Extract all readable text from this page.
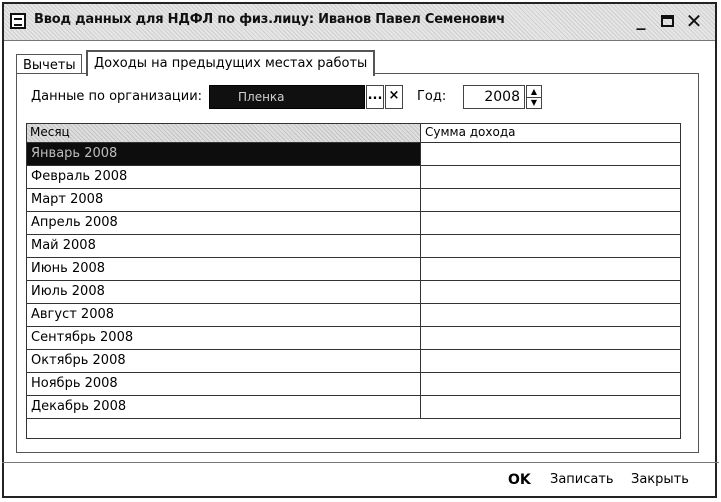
Ввод данных для НДФЛ по физ.лицу: Иванов Павел Семенович	_	✕
Вычеты	Доходы на предыдущих местах работы
Данные по организации:	Пленка	... × Год:	2008	▲
▼
Месяц	Сумма дохода
Январь 2008
Февраль 2008
Март 2008
Апрель 2008
Май 2008
Июнь 2008
Июль 2008
Август 2008
Сентябрь 2008
Октябрь 2008
Ноябрь 2008
Декабрь 2008
OK Записать Закрыть
